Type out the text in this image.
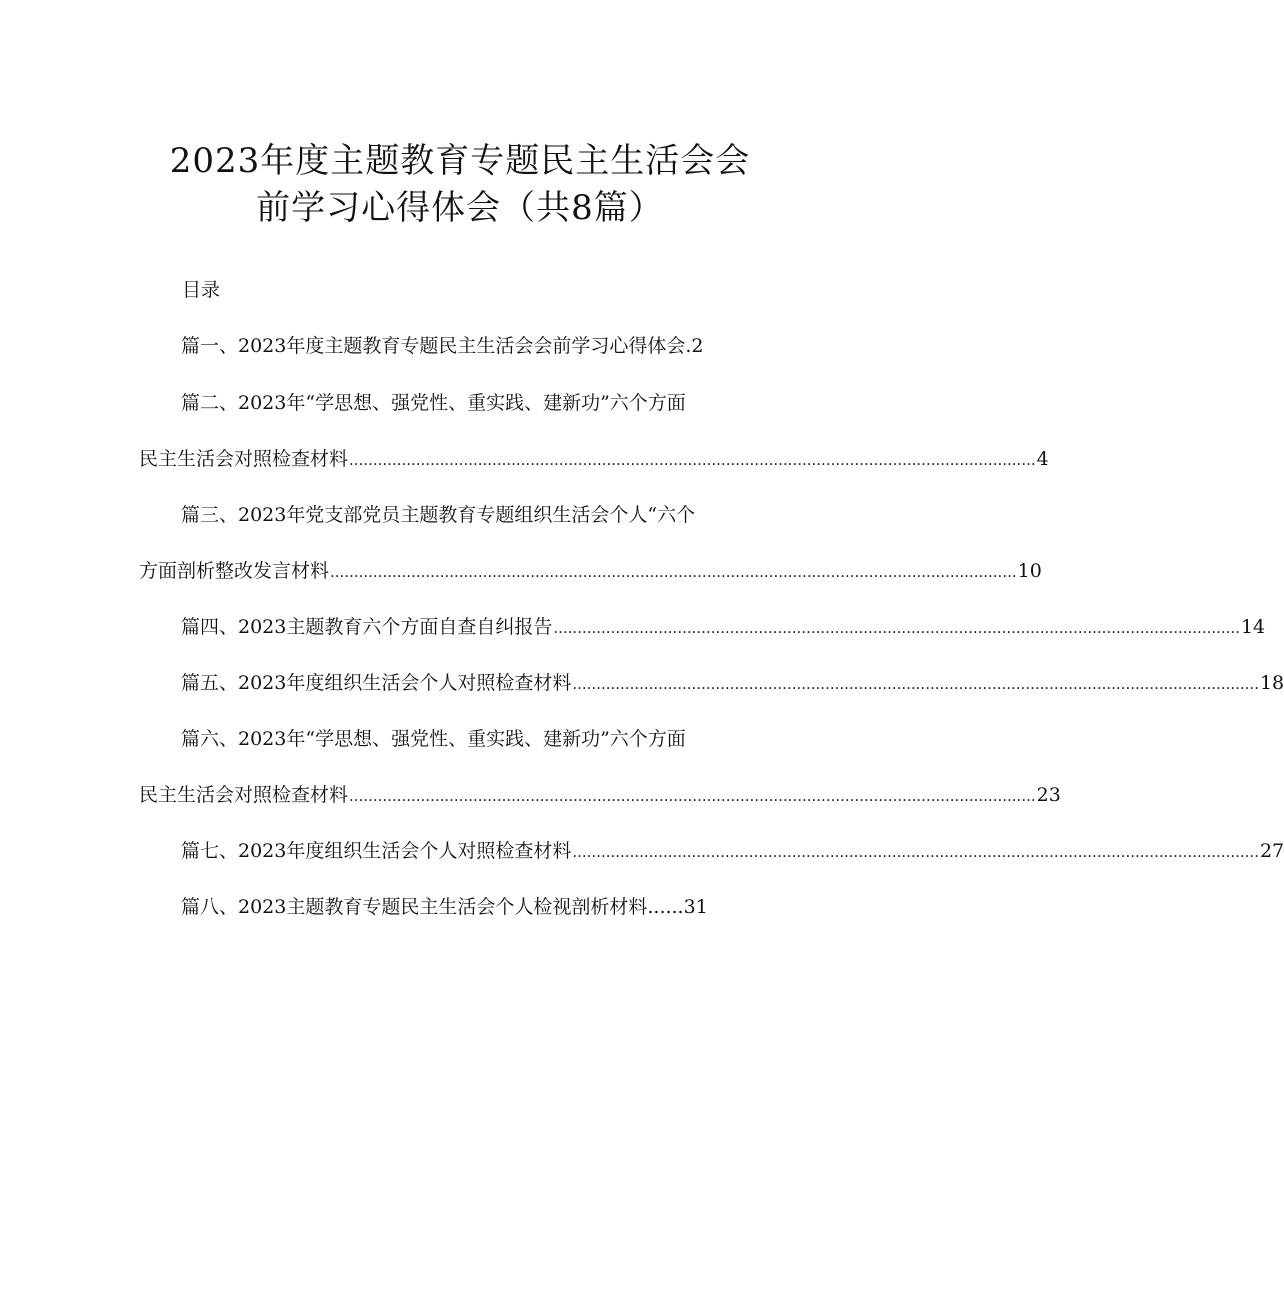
2023年度主题教育专题民主生活会会
前学习心得体会（共8篇）
目录
篇一、2023年度主题教育专题民主生活会会前学习心得体会.2
篇二、2023年“学思想、强党性、重实践、建新功”六个方面
民主生活会对照检查材料 ................................................................................................................................................ 4
篇三、2023年党支部党员主题教育专题组织生活会个人“六个
方面剖析整改发言材料 ................................................................................................................................................ 10
篇四、2023主题教育六个方面自查自纠报告 ................................................................................................................................................ 14
篇五、2023年度组织生活会个人对照检查材料 ................................................................................................................................................ 18
篇六、2023年“学思想、强党性、重实践、建新功”六个方面
民主生活会对照检查材料 ................................................................................................................................................ 23
篇七、2023年度组织生活会个人对照检查材料 ................................................................................................................................................ 27
篇八、2023主题教育专题民主生活会个人检视剖析材料......31
